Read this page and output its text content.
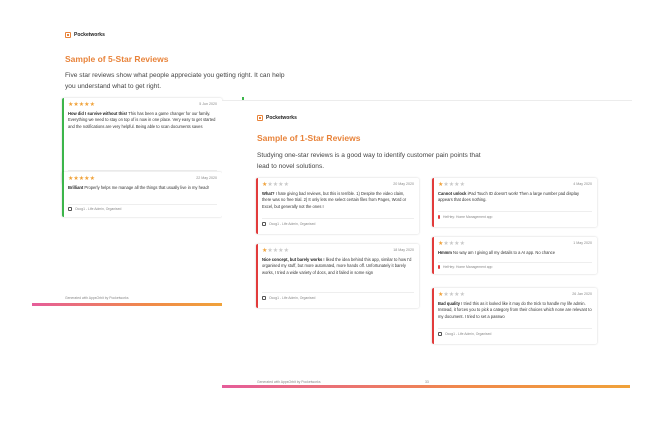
Pocketworks
Sample of 5-Star Reviews
Five star reviews show what people appreciate you getting right. It can help you understand what to get right.
★★★★★	5 Jun 2020
How did I survive without this! This has been a game changer for our family. Everything we need to stay on top of is now in one place. Very easy to get started and the notifications are very helpful. Being able to scan documents saves
★★★★★	22 May 2020
Brilliant Properly helps me manage all the things that usually live in my head!
Ocog1 - Life Admin, Organised
Generated with AppsOrbit by Pocketworks
Pocketworks
Sample of 1-Star Reviews
Studying one-star reviews is a good way to identify customer pain points that lead to novel solutions.
★★★★★	20 May 2020
What? I hate giving bad reviews, but this is terrible. 1) Despite the video claim, there was no free trial. 2) It only lets me select certain files from Pages, Word or Excel, but generally not the ones I
Ocog1 - Life Admin, Organised
★★★★★	18 May 2020
Nice concept, but barely works I liked the idea behind this app, similar to how I'd organised my stuff, but more automated, more hands off. Unfortunately it barely works, I tried a wide variety of docs, and it failed in some sign
Ocog1 - Life Admin, Organised
★★★★★	4 May 2020
Cannot unlock iPad Touch ID doesn't work! Then a large number pad display appears that does nothing.
HelHey: Home Management app
★★★★★	1 May 2020
Hmmm No way am I giving all my details to a AI app. No chance
HelHey: Home Management app
★★★★★	26 Jan 2020
Bad quality I tried this as it looked like it may do the trick to handle my life admin. Instead, it forces you to pick a category from their choices which none are relevant to my document. I tried to set a passwo
Ocog1 - Life Admin, Organised
Generated with AppsOrbit by Pocketworks	33
